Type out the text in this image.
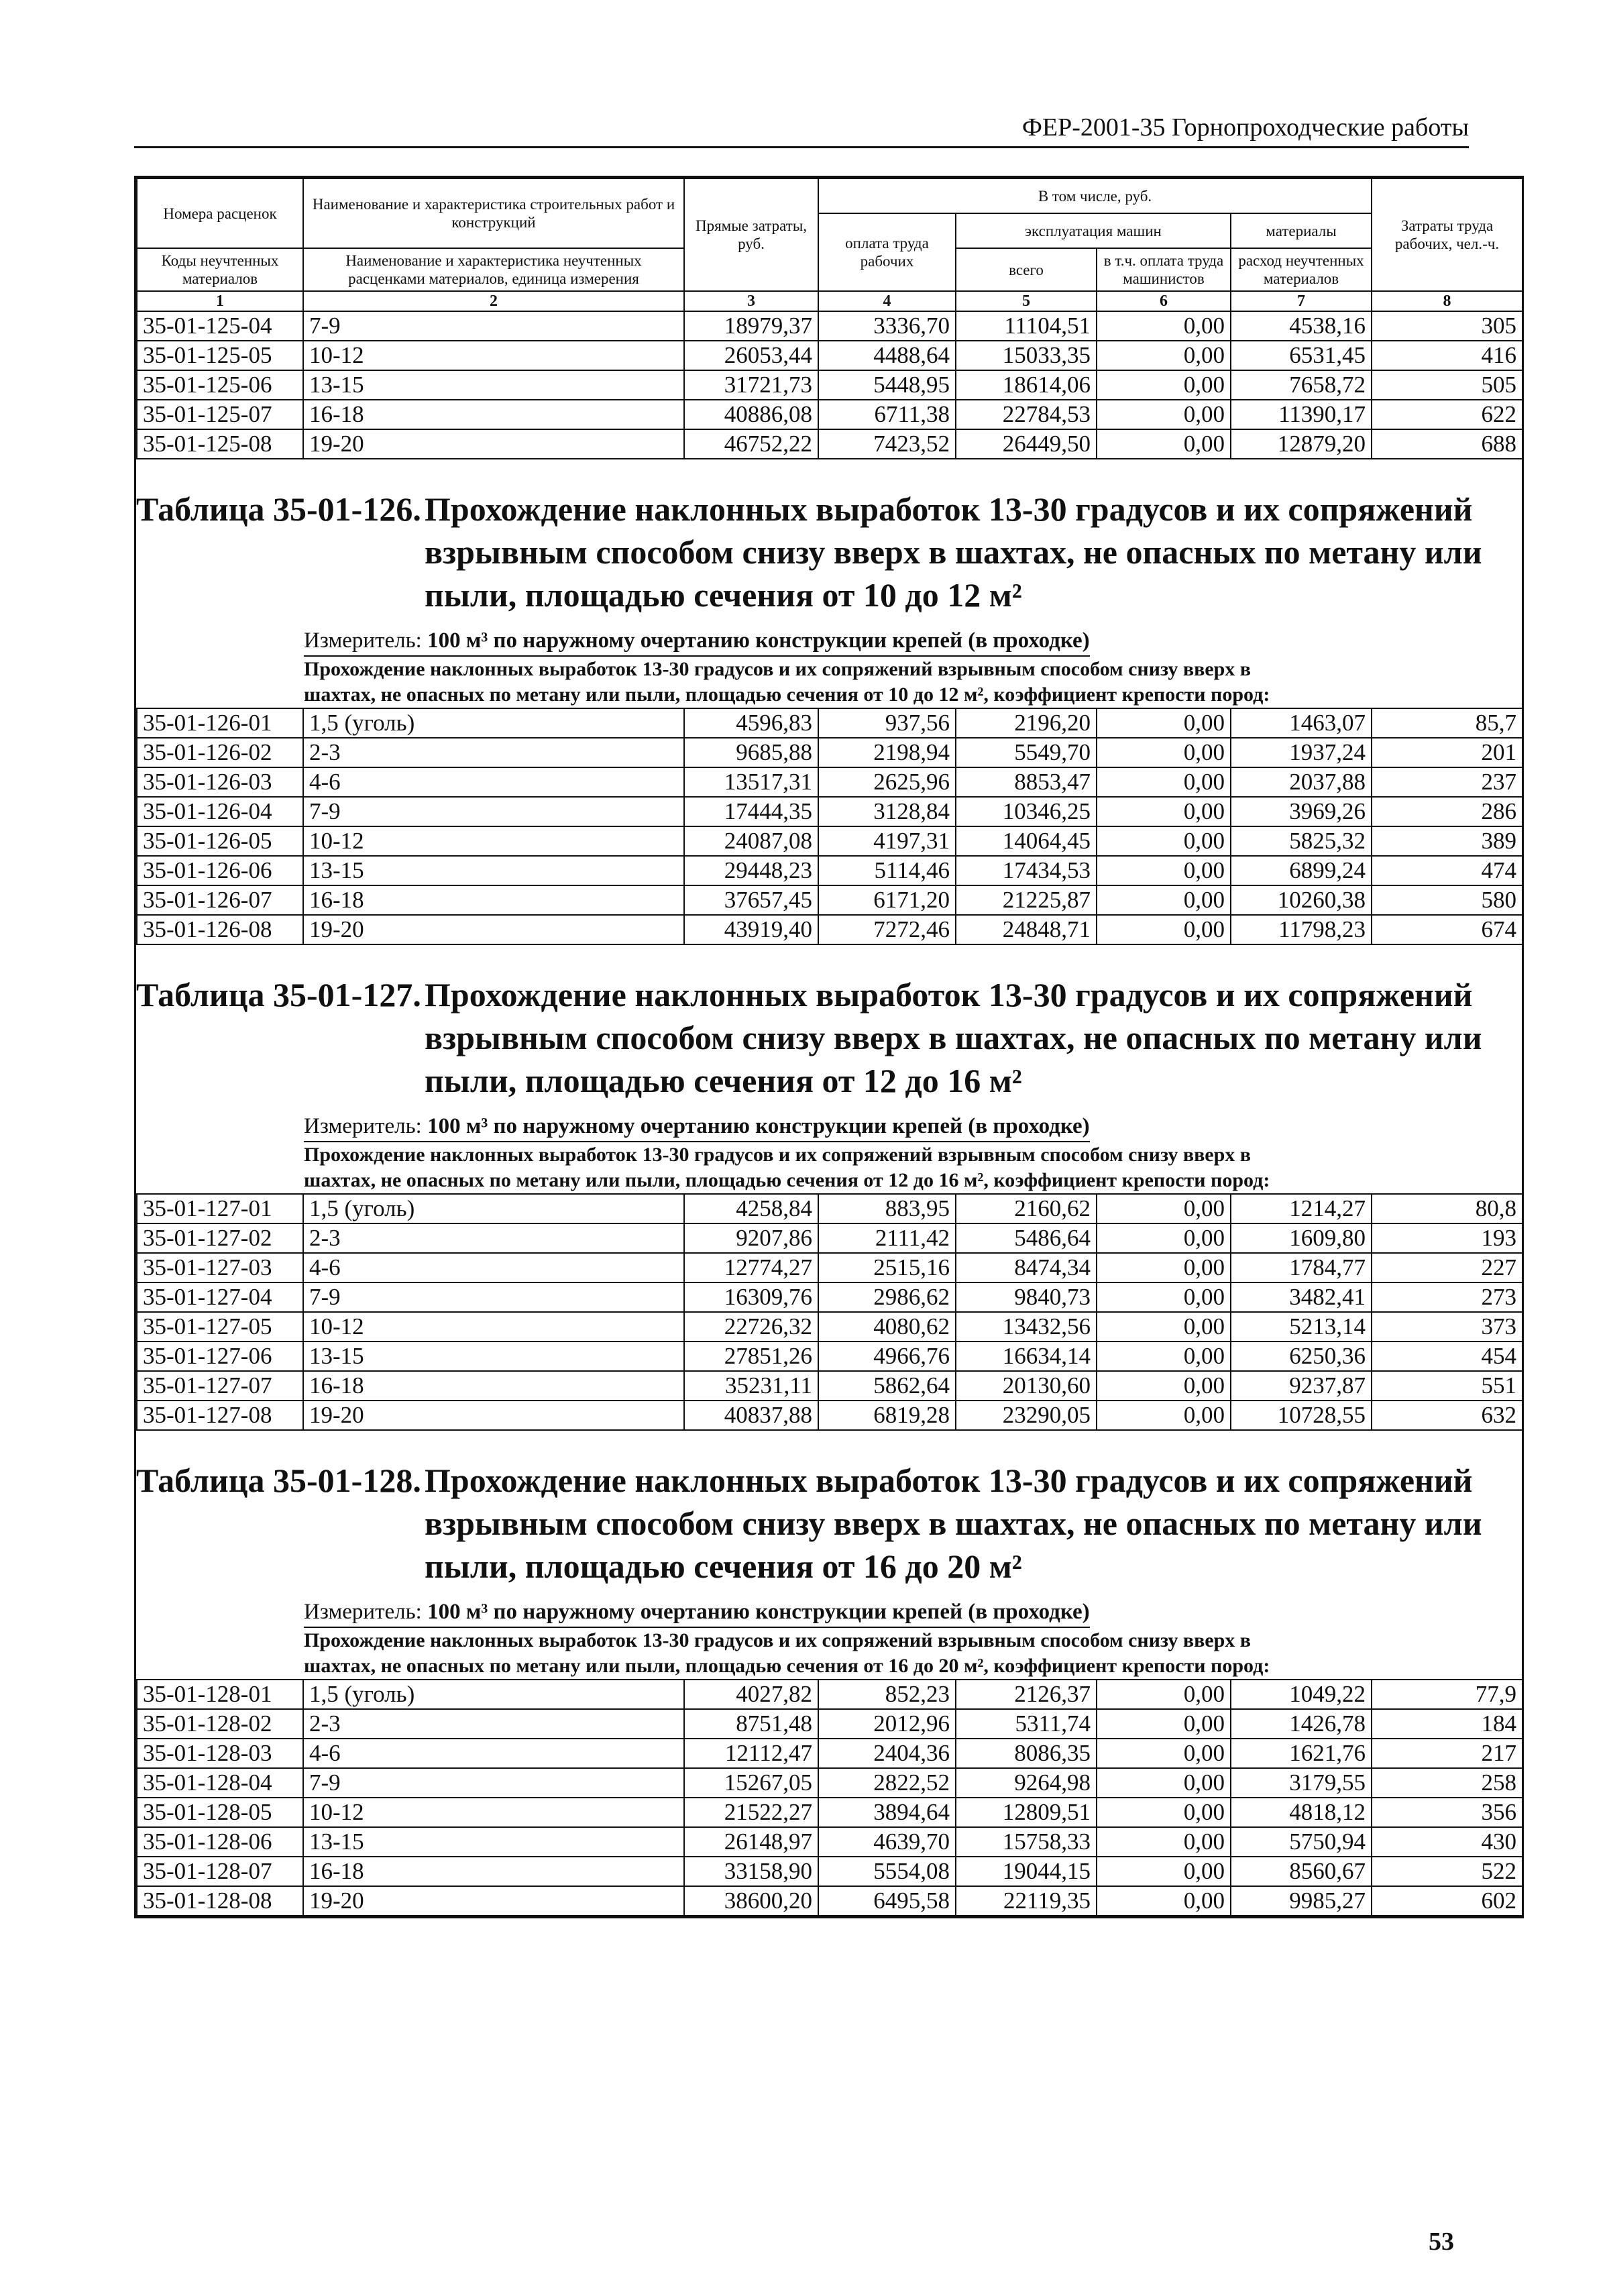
ФЕР-2001-35 Горнопроходческие работы
Номера расценок	Наименование и характеристика строительных работ и конструкций	Прямые затраты, руб.	В том числе, руб.				Затраты труда рабочих, чел.-ч.
			оплата труда рабочих	эксплуатация машин		материалы	
Коды неучтенных материалов	Наименование и характеристика неучтенных расценками материалов, единица измерения			всего	в т.ч. оплата труда машинистов	расход неучтенных материалов	

1	2	3	4	5	6	7	8
35-01-125-04	7-9	18979,37	3336,70	11104,51	0,00	4538,16	305
35-01-125-05	10-12	26053,44	4488,64	15033,35	0,00	6531,45	416
35-01-125-06	13-15	31721,73	5448,95	18614,06	0,00	7658,72	505
35-01-125-07	16-18	40886,08	6711,38	22784,53	0,00	11390,17	622
35-01-125-08	19-20	46752,22	7423,52	26449,50	0,00	12879,20	688
Таблица 35-01-126. Прохождение наклонных выработок 13-30 градусов и их сопряжений
взрывным способом снизу вверх в шахтах, не опасных по метану или
пыли, площадью сечения от 10 до 12 м²
Измеритель: 100 м³ по наружному очертанию конструкции крепей (в проходке)
Прохождение наклонных выработок 13-30 градусов и их сопряжений взрывным способом снизу вверх в
шахтах, не опасных по метану или пыли, площадью сечения от 10 до 12 м², коэффициент крепости пород:
35-01-126-01	1,5 (уголь)	4596,83	937,56	2196,20	0,00	1463,07	85,7
35-01-126-02	2-3	9685,88	2198,94	5549,70	0,00	1937,24	201
35-01-126-03	4-6	13517,31	2625,96	8853,47	0,00	2037,88	237
35-01-126-04	7-9	17444,35	3128,84	10346,25	0,00	3969,26	286
35-01-126-05	10-12	24087,08	4197,31	14064,45	0,00	5825,32	389
35-01-126-06	13-15	29448,23	5114,46	17434,53	0,00	6899,24	474
35-01-126-07	16-18	37657,45	6171,20	21225,87	0,00	10260,38	580
35-01-126-08	19-20	43919,40	7272,46	24848,71	0,00	11798,23	674
Таблица 35-01-127. Прохождение наклонных выработок 13-30 градусов и их сопряжений
взрывным способом снизу вверх в шахтах, не опасных по метану или
пыли, площадью сечения от 12 до 16 м²
Измеритель: 100 м³ по наружному очертанию конструкции крепей (в проходке)
Прохождение наклонных выработок 13-30 градусов и их сопряжений взрывным способом снизу вверх в
шахтах, не опасных по метану или пыли, площадью сечения от 12 до 16 м², коэффициент крепости пород:
35-01-127-01	1,5 (уголь)	4258,84	883,95	2160,62	0,00	1214,27	80,8
35-01-127-02	2-3	9207,86	2111,42	5486,64	0,00	1609,80	193
35-01-127-03	4-6	12774,27	2515,16	8474,34	0,00	1784,77	227
35-01-127-04	7-9	16309,76	2986,62	9840,73	0,00	3482,41	273
35-01-127-05	10-12	22726,32	4080,62	13432,56	0,00	5213,14	373
35-01-127-06	13-15	27851,26	4966,76	16634,14	0,00	6250,36	454
35-01-127-07	16-18	35231,11	5862,64	20130,60	0,00	9237,87	551
35-01-127-08	19-20	40837,88	6819,28	23290,05	0,00	10728,55	632
Таблица 35-01-128. Прохождение наклонных выработок 13-30 градусов и их сопряжений
взрывным способом снизу вверх в шахтах, не опасных по метану или
пыли, площадью сечения от 16 до 20 м²
Измеритель: 100 м³ по наружному очертанию конструкции крепей (в проходке)
Прохождение наклонных выработок 13-30 градусов и их сопряжений взрывным способом снизу вверх в
шахтах, не опасных по метану или пыли, площадью сечения от 16 до 20 м², коэффициент крепости пород:
35-01-128-01	1,5 (уголь)	4027,82	852,23	2126,37	0,00	1049,22	77,9
35-01-128-02	2-3	8751,48	2012,96	5311,74	0,00	1426,78	184
35-01-128-03	4-6	12112,47	2404,36	8086,35	0,00	1621,76	217
35-01-128-04	7-9	15267,05	2822,52	9264,98	0,00	3179,55	258
35-01-128-05	10-12	21522,27	3894,64	12809,51	0,00	4818,12	356
35-01-128-06	13-15	26148,97	4639,70	15758,33	0,00	5750,94	430
35-01-128-07	16-18	33158,90	5554,08	19044,15	0,00	8560,67	522
35-01-128-08	19-20	38600,20	6495,58	22119,35	0,00	9985,27	602
53
